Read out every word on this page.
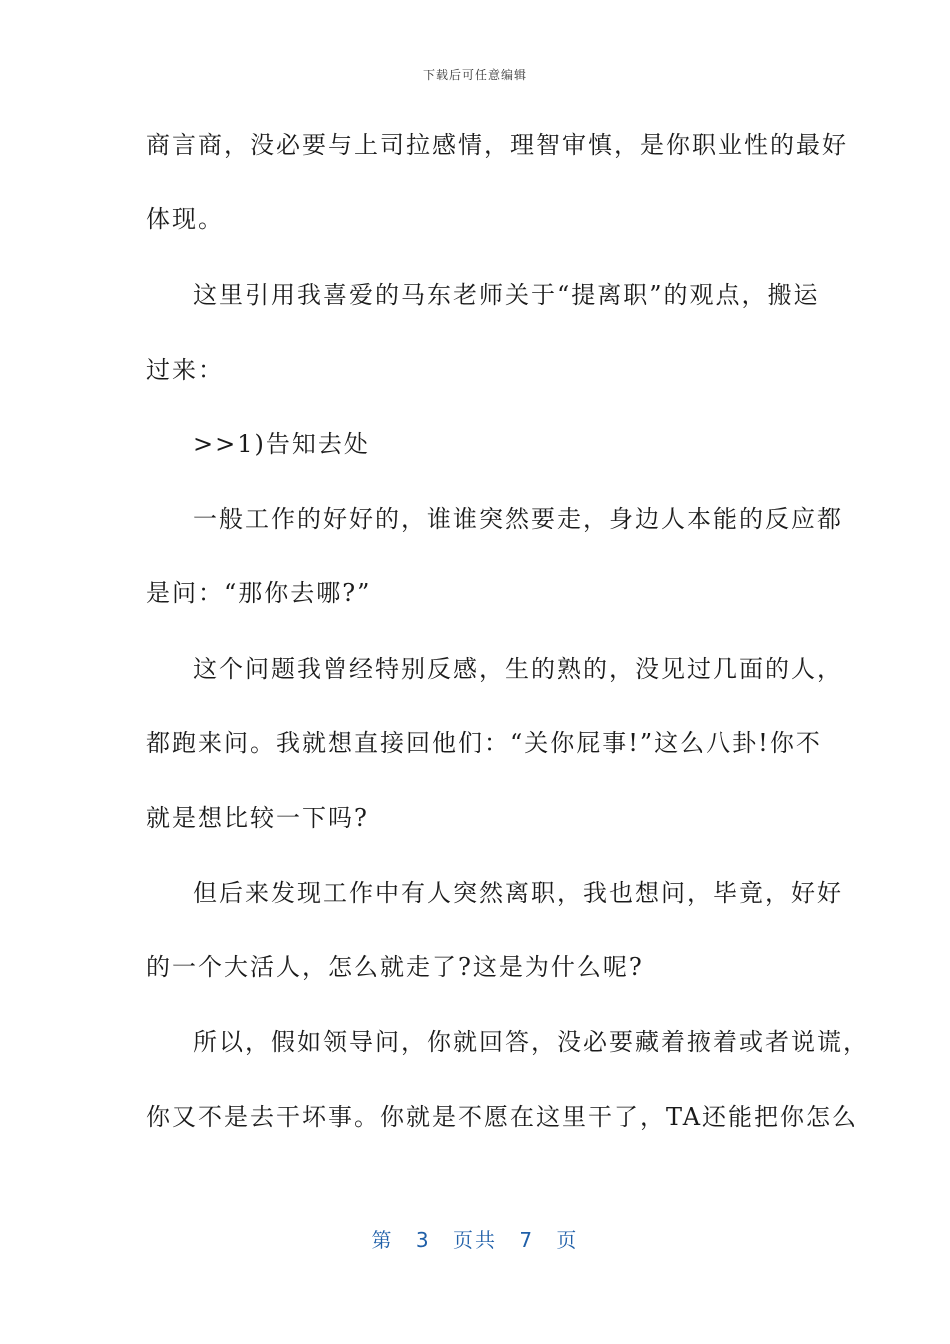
下载后可任意编辑
商言商，没必要与上司拉感情，理智审慎，是你职业性的最好
体现。
这里引用我喜爱的马东老师关于“提离职”的观点，搬运
过来：
>>1)告知去处
一般工作的好好的，谁谁突然要走，身边人本能的反应都
是问：“那你去哪?”
这个问题我曾经特别反感，生的熟的，没见过几面的人，
都跑来问。我就想直接回他们：“关你屁事!”这么八卦!你不
就是想比较一下吗?
但后来发现工作中有人突然离职，我也想问，毕竟，好好
的一个大活人，怎么就走了?这是为什么呢?
所以，假如领导问，你就回答，没必要藏着掖着或者说谎，
你又不是去干坏事。你就是不愿在这里干了，TA还能把你怎么
第 3 页共 7 页
